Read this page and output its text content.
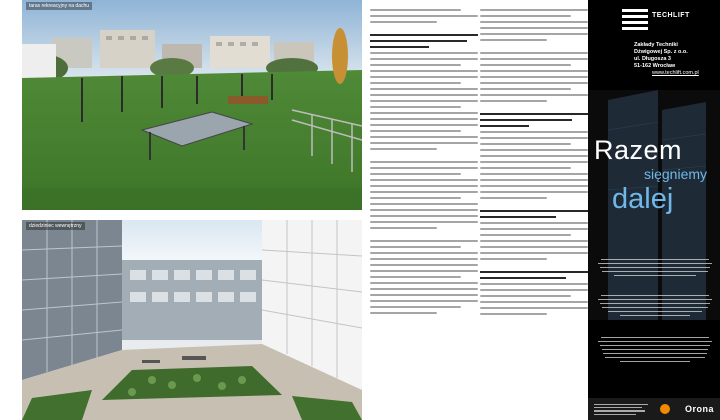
taras rekreacyjny na dachu
dziedziniec wewnętrzny
TECHLIFT
Zakłady Techniki
Dźwigowej Sp. z o.o.
ul. Długosza 3
51-162 Wrocław
www.techlift.com.pl
Razem
sięgniemy
dalej
Orona
